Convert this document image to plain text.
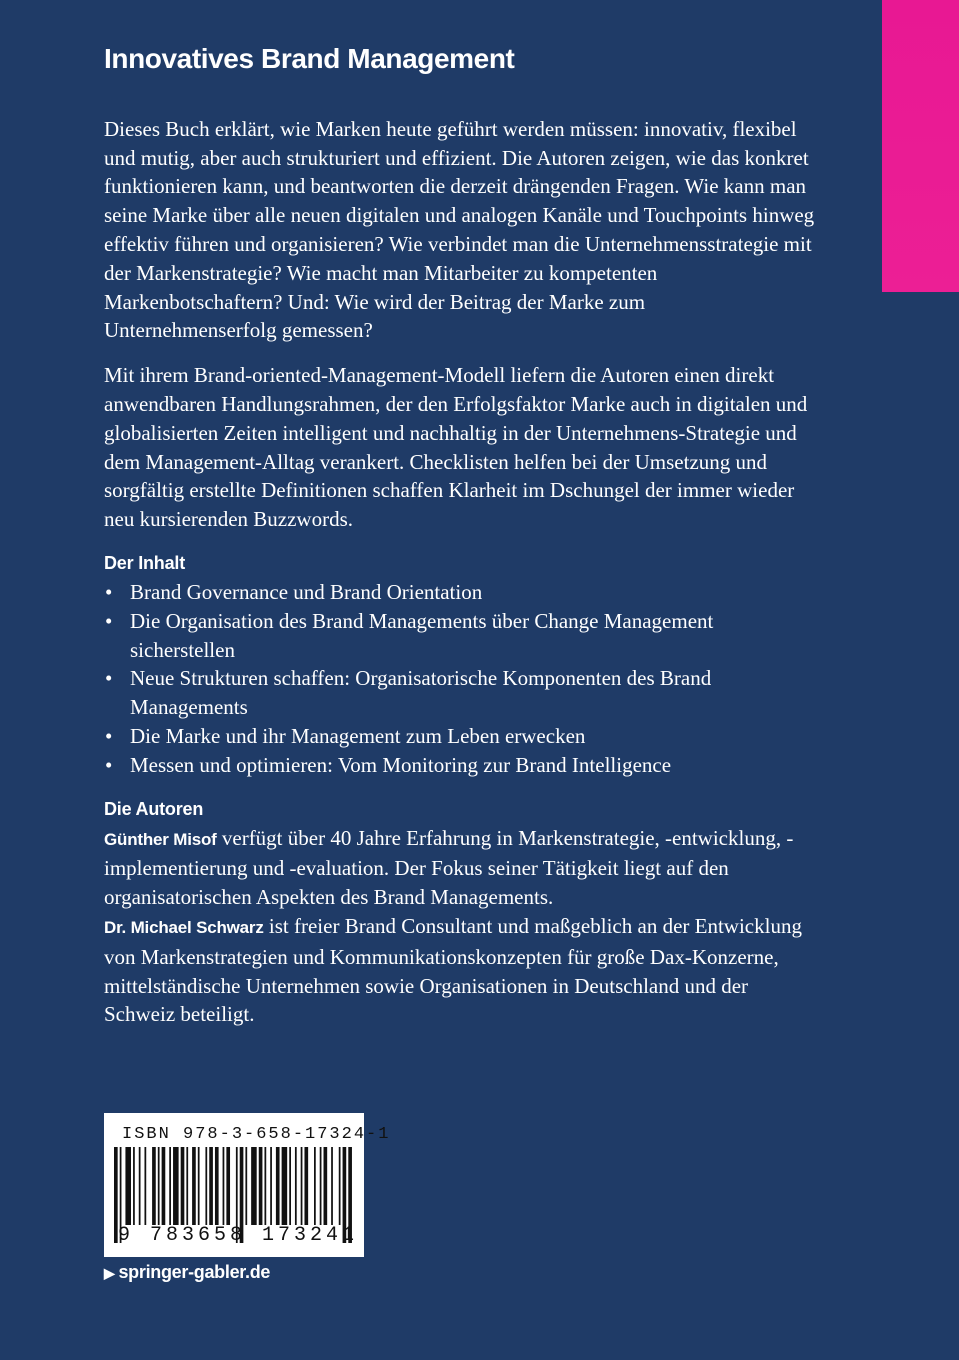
Innovatives Brand Management

Dieses Buch erklärt, wie Marken heute geführt werden müssen: innovativ, flexibel und mutig, aber auch strukturiert und effizient. Die Autoren zeigen, wie das konkret funktionieren kann, und beantworten die derzeit drängenden Fragen. Wie kann man seine Marke über alle neuen digitalen und analogen Kanäle und Touchpoints hinweg effektiv führen und organisieren? Wie verbindet man die Unternehmensstrategie mit der Markenstrategie? Wie macht man Mitarbeiter zu kompetenten Markenbotschaftern? Und: Wie wird der Beitrag der Marke zum Unternehmenserfolg gemessen?

Mit ihrem Brand-oriented-Management-Modell liefern die Autoren einen direkt anwendbaren Handlungsrahmen, der den Erfolgsfaktor Marke auch in digitalen und globalisierten Zeiten intelligent und nachhaltig in der Unternehmens-Strategie und dem Management-Alltag verankert. Checklisten helfen bei der Umsetzung und sorgfältig erstellte Definitionen schaffen Klarheit im Dschungel der immer wieder neu kursierenden Buzzwords.

Der Inhalt
• Brand Governance und Brand Orientation
• Die Organisation des Brand Managements über Change Management sicherstellen
• Neue Strukturen schaffen: Organisatorische Komponenten des Brand Managements
• Die Marke und ihr Management zum Leben erwecken
• Messen und optimieren: Vom Monitoring zur Brand Intelligence
Die Autoren

Günther Misof verfügt über 40 Jahre Erfahrung in Markenstrategie, -entwicklung, -implementierung und -evaluation. Der Fokus seiner Tätigkeit liegt auf den organisatorischen Aspekten des Brand Managements.

Dr. Michael Schwarz ist freier Brand Consultant und maßgeblich an der Entwicklung von Markenstrategien und Kommunikationskonzepten für große Dax-Konzerne, mittelständische Unternehmen sowie Organisationen in Deutschland und der Schweiz beteiligt.

ISBN 978-3-658-17324-1
9 783658 173241
▶ springer-gabler.de
